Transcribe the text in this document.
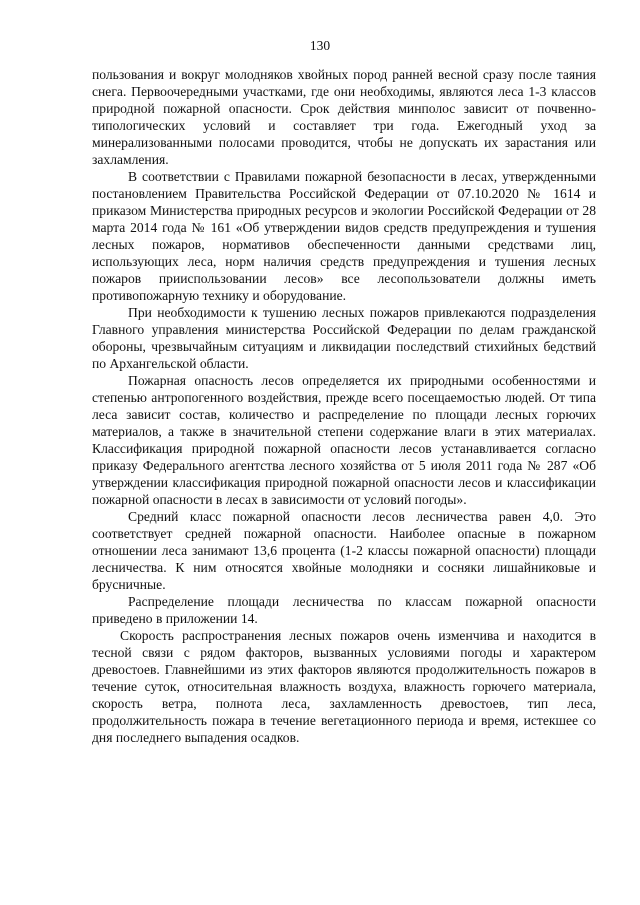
130

пользования и вокруг молодняков хвойных пород ранней весной сразу после таяния снега. Первоочередными участками, где они необходимы, являются леса 1-3 классов природной пожарной опасности. Срок действия минполос зависит от почвенно-типологических условий и составляет три года. Ежегодный уход за минерализованными полосами проводится, чтобы не допускать их зарастания или захламления.

В соответствии с Правилами пожарной безопасности в лесах, утвержденными постановлением Правительства Российской Федерации от 07.10.2020 № 1614 и приказом Министерства природных ресурсов и экологии Российской Федерации от 28 марта 2014 года № 161 «Об утверждении видов средств предупреждения и тушения лесных пожаров, нормативов обеспеченности данными средствами лиц, использующих леса, норм наличия средств предупреждения и тушения лесных пожаров прииспользовании лесов» все лесопользователи должны иметь противопожарную технику и оборудование.

При необходимости к тушению лесных пожаров привлекаются подразделения Главного управления министерства Российской Федерации по делам гражданской обороны, чрезвычайным ситуациям и ликвидации последствий стихийных бедствий по Архангельской области.

Пожарная опасность лесов определяется их природными особенностями и степенью антропогенного воздействия, прежде всего посещаемостью людей. От типа леса зависит состав, количество и распределение по площади лесных горючих материалов, а также в значительной степени содержание влаги в этих материалах. Классификация природной пожарной опасности лесов устанавливается согласно приказу Федерального агентства лесного хозяйства от 5 июля 2011 года № 287 «Об утверждении классификация природной пожарной опасности лесов и классификации пожарной опасности в лесах в зависимости от условий погоды».

Средний класс пожарной опасности лесов лесничества равен 4,0. Это соответствует средней пожарной опасности. Наиболее опасные в пожарном отношении леса занимают 13,6 процента (1-2 классы пожарной опасности) площади лесничества. К ним относятся хвойные молодняки и сосняки лишайниковые и брусничные.

Распределение площади лесничества по классам пожарной опасности приведено в приложении 14.

Скорость распространения лесных пожаров очень изменчива и находится в тесной связи с рядом факторов, вызванных условиями погоды и характером древостоев. Главнейшими из этих факторов являются продолжительность пожаров в течение суток, относительная влажность воздуха, влажность горючего материала, скорость ветра, полнота леса, захламленность древостоев, тип леса, продолжительность пожара в течение вегетационного периода и время, истекшее со дня последнего выпадения осадков.
